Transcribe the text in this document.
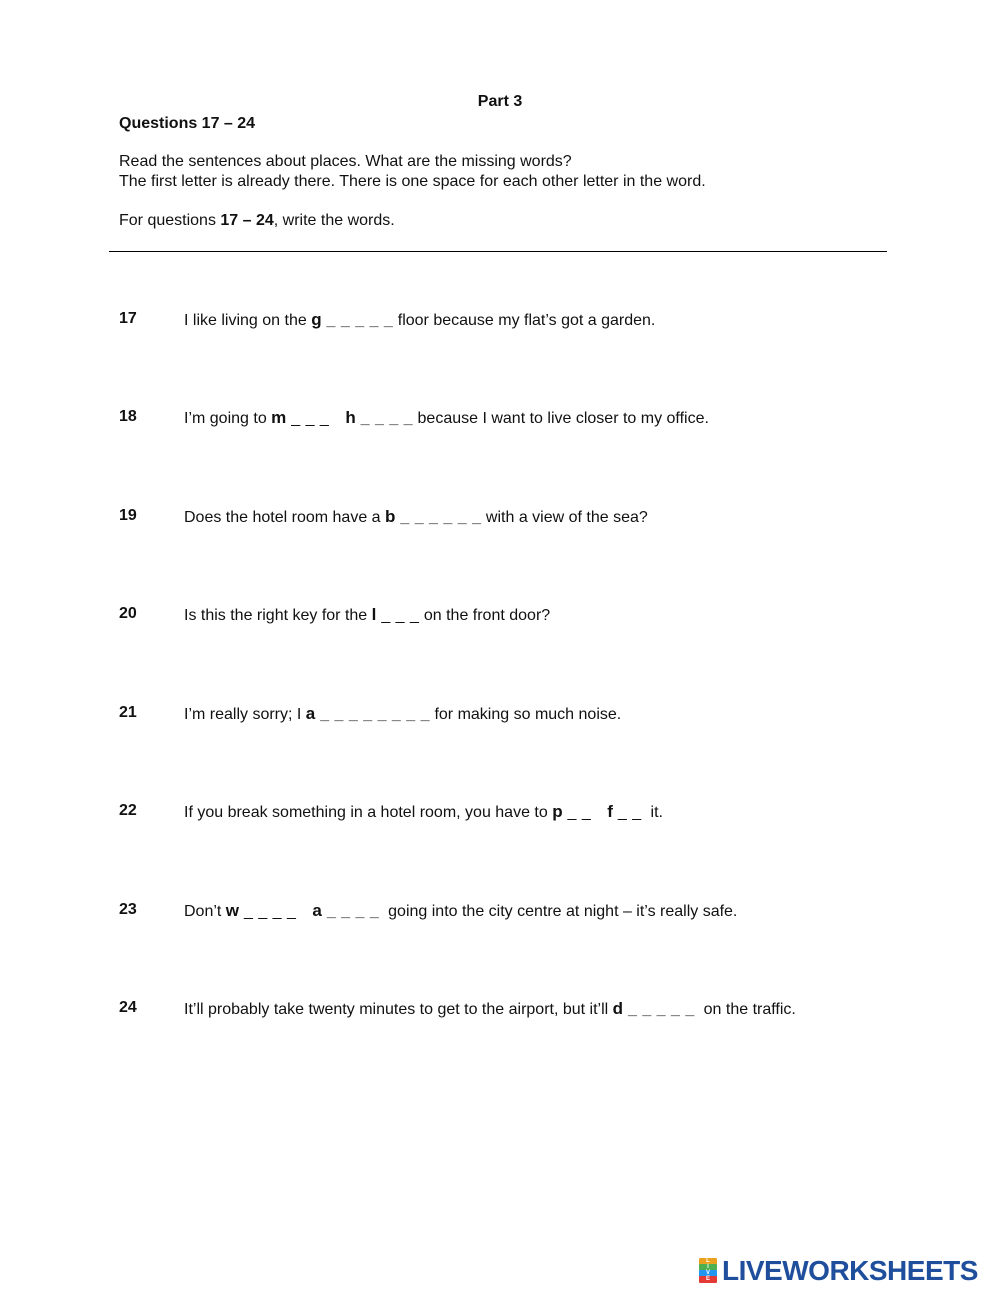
Part 3
Questions 17 – 24
Read the sentences about places. What are the missing words?
The first letter is already there. There is one space for each other letter in the word.
For questions 17 – 24, write the words.
17	I like living on the g _ _ _ _ _ floor because my flat’s got a garden.
18	I’m going to m _ _ _ h _ _ _ _ because I want to live closer to my office.
19	Does the hotel room have a b _ _ _ _ _ _ with a view of the sea?
20	Is this the right key for the l _ _ _ on the front door?
21	I’m really sorry; I a _ _ _ _ _ _ _ _ for making so much noise.
22	If you break something in a hotel room, you have to p _ _ f _ _  it.
23	Don’t w _ _ _ _ a _ _ _ _  going into the city centre at night – it’s really safe.
24	It’ll probably take twenty minutes to get to the airport, but it’ll d _ _ _ _ _  on the traffic.
L
I
V
E LIVEWORKSHEETS
